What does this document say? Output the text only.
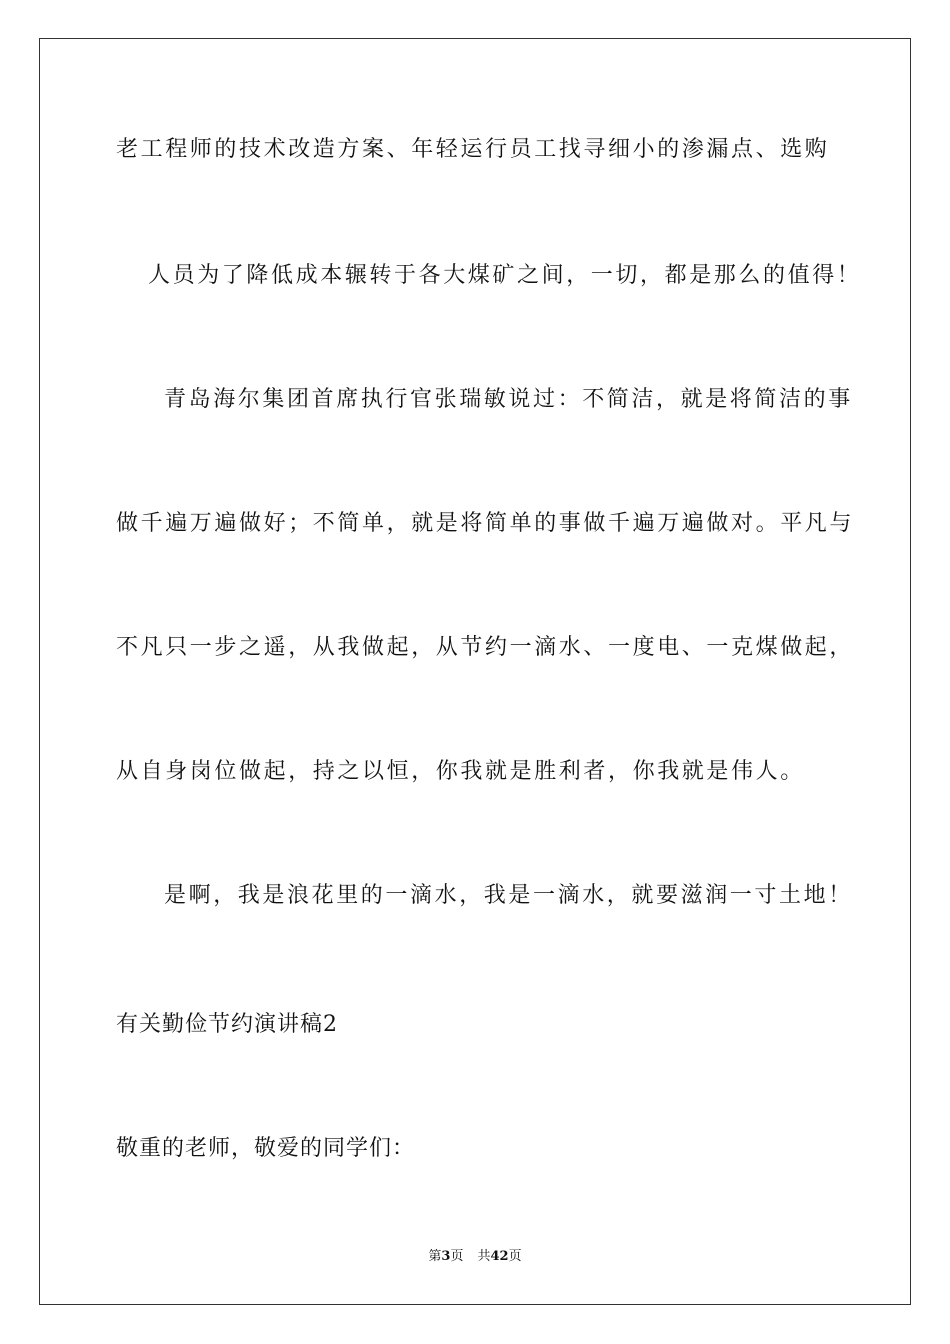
老工程师的技术改造方案、年轻运行员工找寻细小的渗漏点、选购
人员为了降低成本辗转于各大煤矿之间，一切，都是那么的值得！
青岛海尔集团首席执行官张瑞敏说过：不简洁，就是将简洁的事
做千遍万遍做好；不简单，就是将简单的事做千遍万遍做对。平凡与
不凡只一步之遥，从我做起，从节约一滴水、一度电、一克煤做起，
从自身岗位做起，持之以恒，你我就是胜利者，你我就是伟人。
是啊，我是浪花里的一滴水，我是一滴水，就要滋润一寸土地！
有关勤俭节约演讲稿2
敬重的老师，敬爱的同学们：
第3页 共42页
